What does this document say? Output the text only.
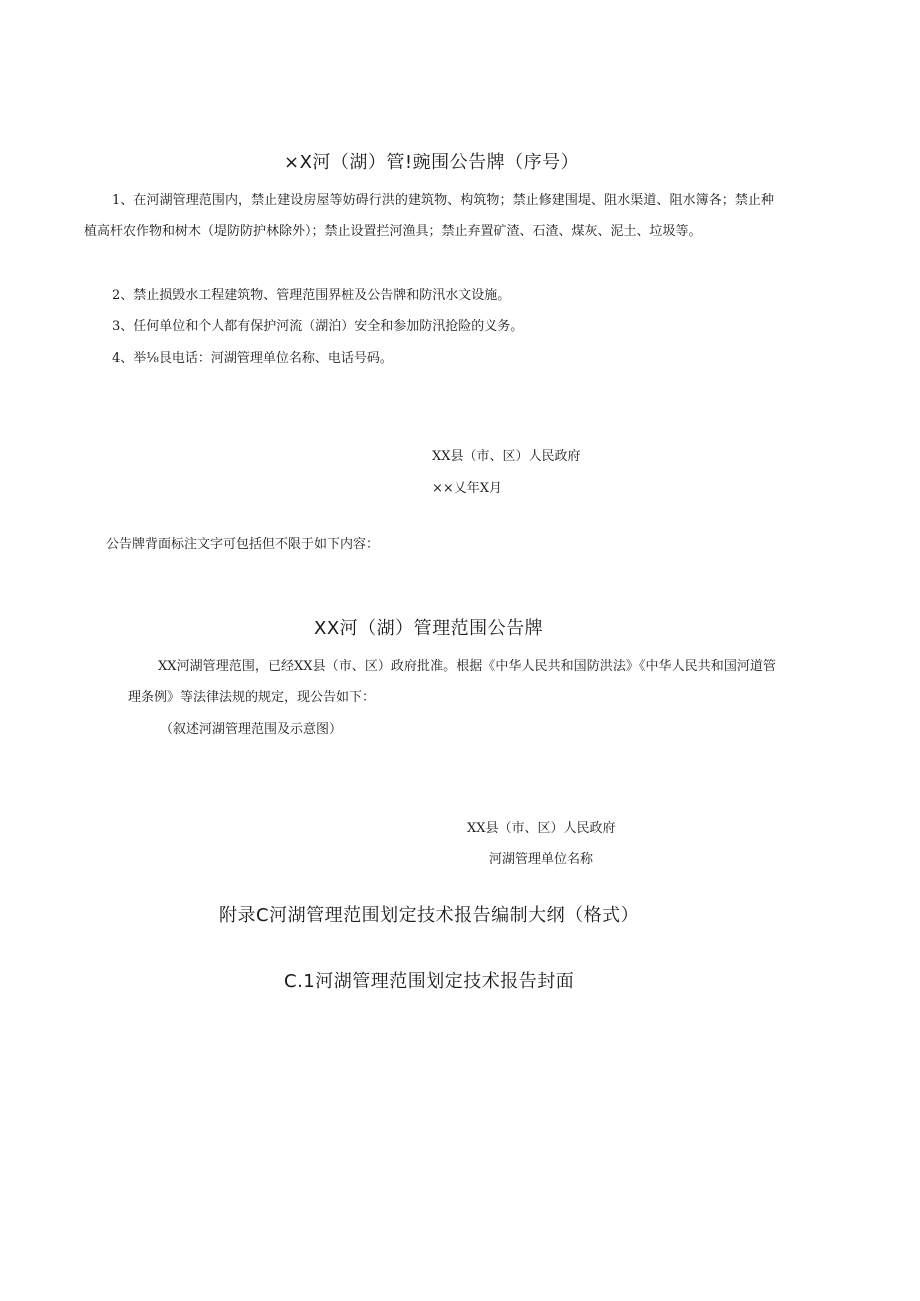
×X河（湖）管!豌围公告牌（序号）
1、在河湖管理范围内，禁止建设房屋等妨碍行洪的建筑物、构筑物；禁止修建围堤、阻水渠道、阻水簿各；禁止种植高杆农作物和树木（堤防防护林除外）；禁止设置拦河渔具；禁止弃置矿渣、石渣、煤灰、泥土、垃圾等。
2、禁止损毁水工程建筑物、管理范围界桩及公告牌和防汛水文设施。
3、任何单位和个人都有保护河流（湖泊）安全和参加防汛抢险的义务。
4、举⅛艮电话：河湖管理单位名称、电话号码。
XX县（市、区）人民政府
××乂年X月
公告牌背面标注文字可包括但不限于如下内容：
XX河（湖）管理范围公告牌
XX河湖管理范围，已经XX县（市、区）政府批准。根据《中华人民共和国防洪法》《中华人民共和国河道管理条例》等法律法规的规定，现公告如下：
（叙述河湖管理范围及示意图）
XX县（市、区）人民政府
河湖管理单位名称
附录C河湖管理范围划定技术报告编制大纲（格式）
C.1河湖管理范围划定技术报告封面
